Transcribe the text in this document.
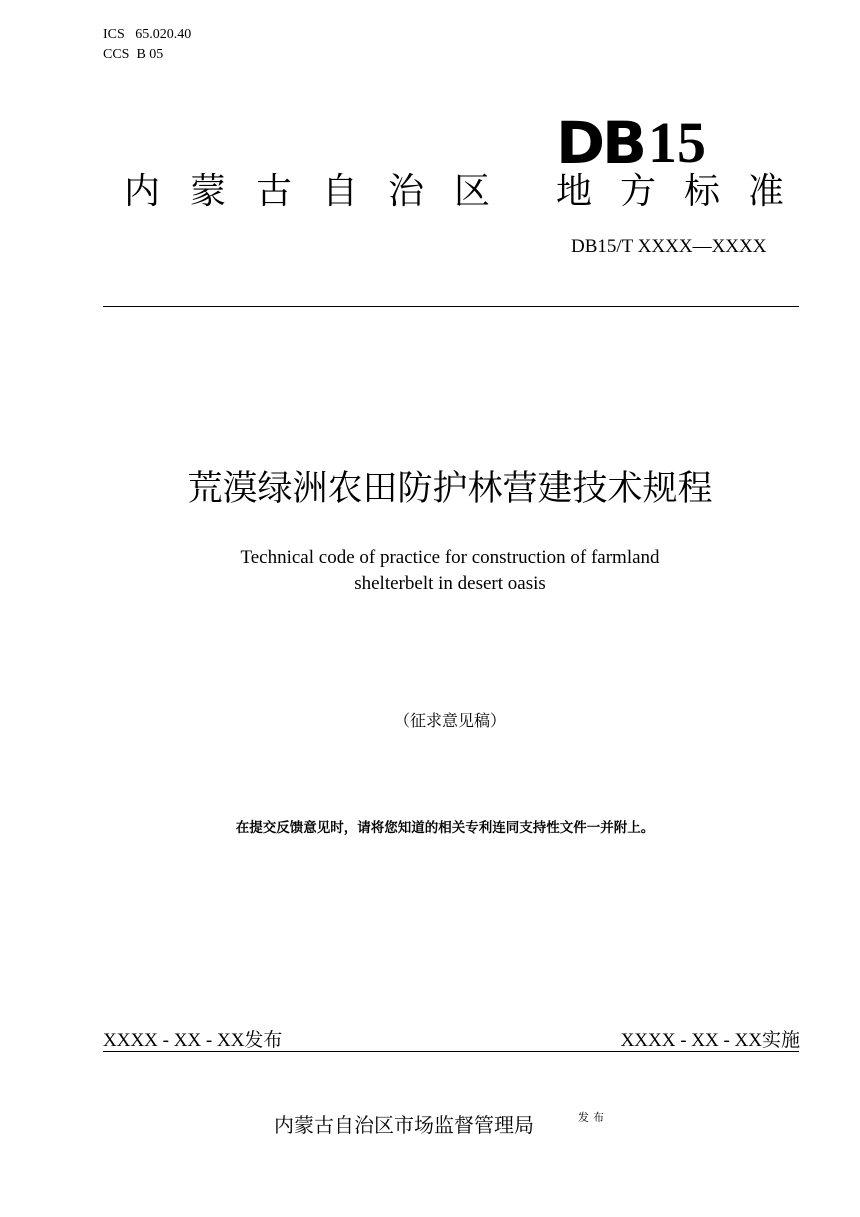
ICS 65.020.40
CCS B 05
DB 15
内蒙古自治区 地方标准
DB15/T XXXX—XXXX
荒漠绿洲农田防护林营建技术规程
Technical code of practice for construction of farmland
shelterbelt in desert oasis
（征求意见稿）
在提交反馈意见时，请将您知道的相关专利连同支持性文件一并附上。
XXXX - XX - XX发布	XXXX - XX - XX实施
内蒙古自治区市场监督管理局	发布
